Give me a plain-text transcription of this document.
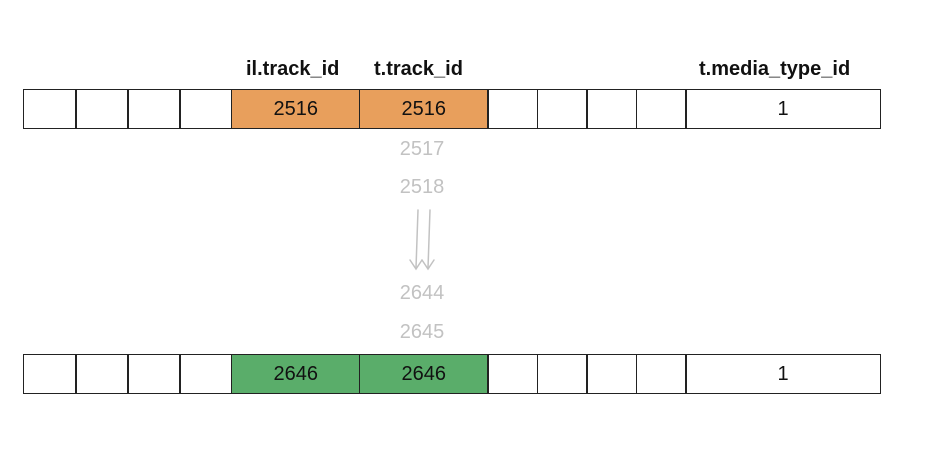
il.track_id t.track_id	t.media_type_id
2516	2516	1
2517
2518
2644
2645
2646	2646	1
